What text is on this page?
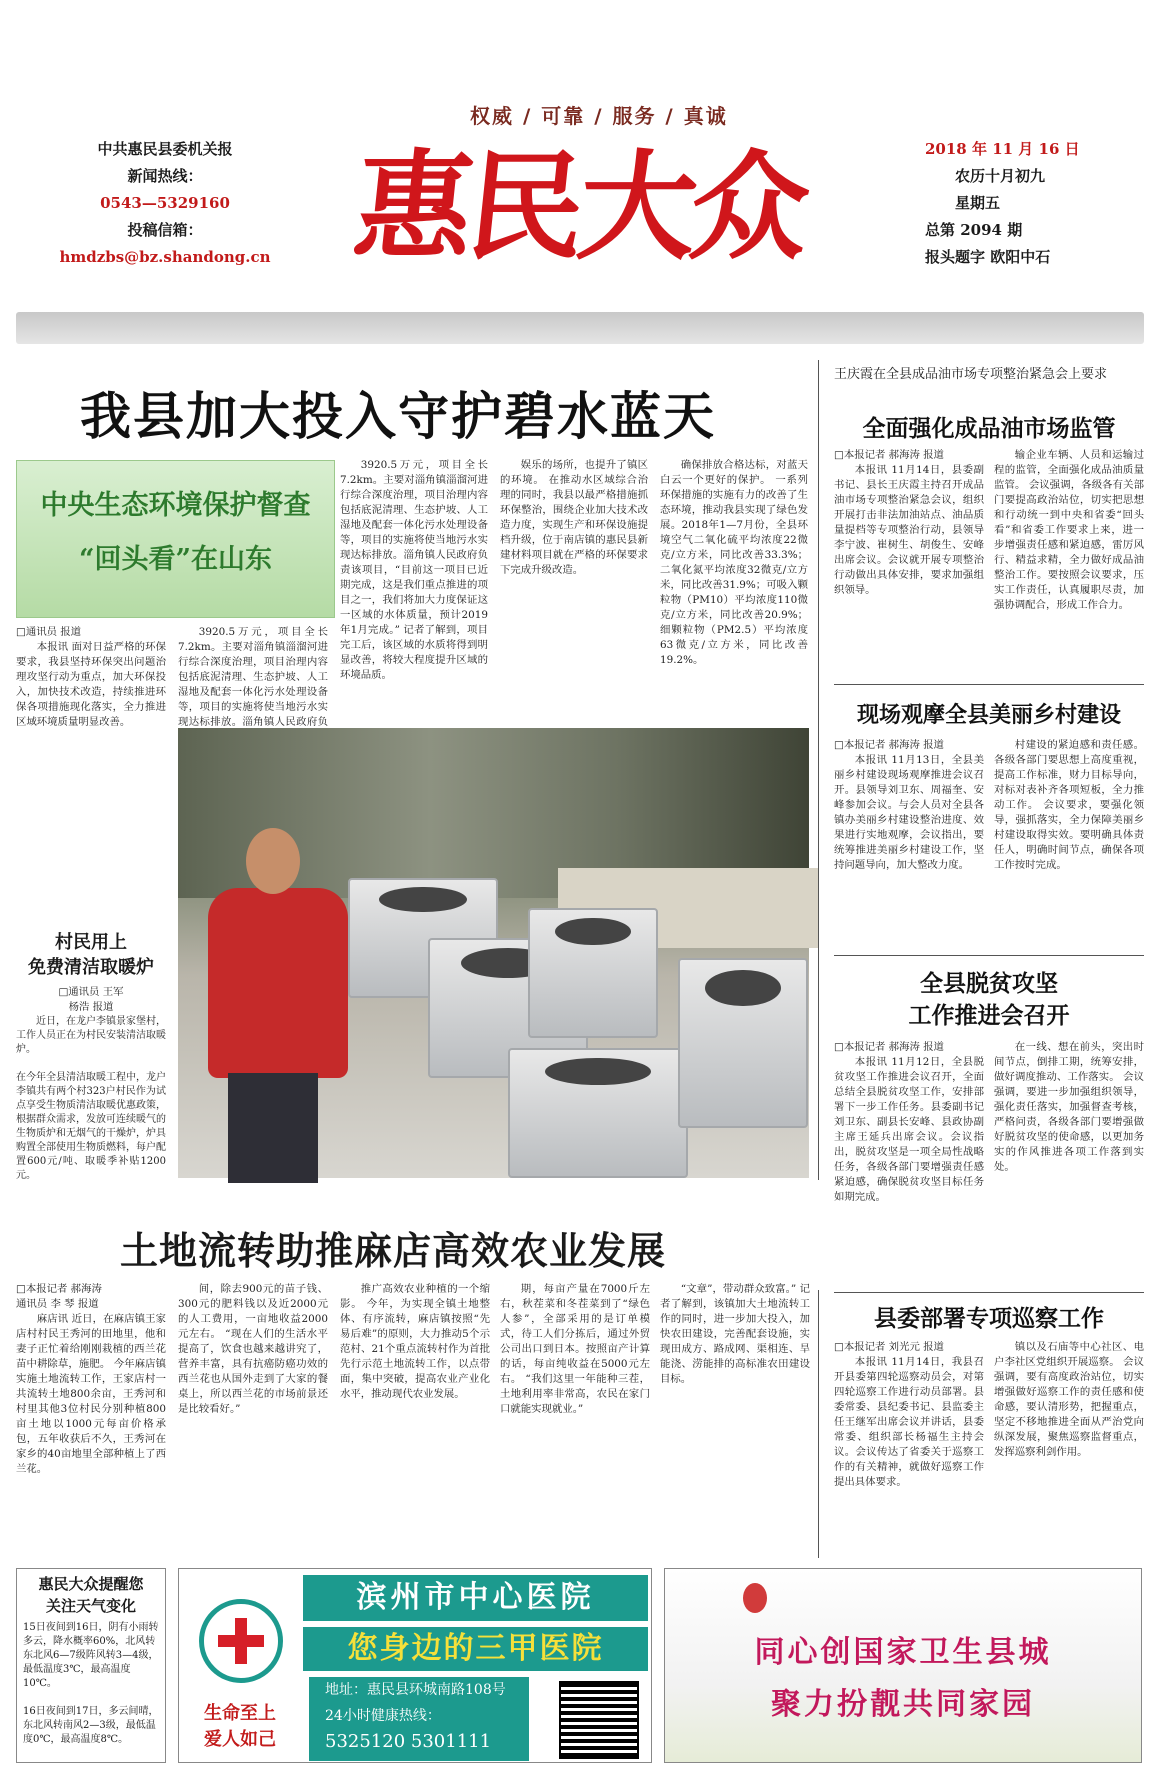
权威 / 可靠 / 服务 / 真诚
中共惠民县委机关报
新闻热线：
0543—5329160
投稿信箱：
hmdzbs@bz.shandong.cn 惠民大众	2018 年 11 月 16 日
农历十月初九
星期五
总第 2094 期
报头题字 欧阳中石
我县加大投入守护碧水蓝天
中央生态环境保护督查
“回头看”在山东
□通讯员 报道

本报讯 面对日益严格的环保要求，我县坚持环保突出问题治理攻坚行动为重点，加大环保投入，加快技术改造，持续推进环保各项措施现化落实，全力推进区域环境质量明显改善。

3920.5万元，项目全长7.2km。主要对淄角镇淄溜河进行综合深度治理，项目治理内容包括底泥清理、生态护坡、人工湿地及配套一体化污水处理设备等，项目的实施将使当地污水实现达标排放。淄角镇人民政府负

3920.5万元，项目全长7.2km。主要对淄角镇淄溜河进行综合深度治理，项目治理内容包括底泥清理、生态护坡、人工湿地及配套一体化污水处理设备等，项目的实施将使当地污水实现达标排放。淄角镇人民政府负责该项目，“目前这一项目已近期完成，这是我们重点推进的项目之一，我们将加大力度保证这一区域的水体质量，预计2019年1月完成。” 记者了解到，项目完工后，该区域的水质将得到明显改善，将较大程度提升区域的环境品质。

娱乐的场所，也提升了镇区的环境。 在推动水区域综合治理的同时，我县以最严格措施抓环保整治，围绕企业加大技术改造力度，实现生产和环保设施提档升级，位于南店镇的惠民县新建材料项目就在严格的环保要求下完成升级改造。

确保排放合格达标，对蓝天白云一个更好的保护。 一系列环保措施的实施有力的改善了生态环境，推动我县实现了绿色发展。2018年1—7月份，全县环境空气二氧化硫平均浓度22微克/立方米，同比改善33.3%；二氧化氮平均浓度32微克/立方米，同比改善31.9%；可吸入颗粒物（PM10）平均浓度110微克/立方米，同比改善20.9%；细颗粒物（PM2.5）平均浓度63微克/立方米，同比改善19.2%。

村民用上
免费清洁取暖炉
□通讯员 王军
杨浩 报道

近日，在龙户李镇景家堡村，工作人员正在为村民安装清洁取暖炉。

在今年全县清洁取暖工程中，龙户李镇共有两个村323户村民作为试点享受生物质清洁取暖优惠政策，根据群众需求，发放可连续暖气的生物质炉和无烟气的干燥炉，炉具购置全部使用生物质燃料，每户配置600元/吨、取暖季补贴1200元。

王庆霞在全县成品油市场专项整治紧急会上要求
全面强化成品油市场监管
□本报记者 郝海涛 报道

本报讯 11月14日，县委副书记、县长王庆霞主持召开成品油市场专项整治紧急会议，组织开展打击非法加油站点、油品质量提档等专项整治行动，县领导李宁波、崔树生、胡俊生、安峰出席会议。会议就开展专项整治行动做出具体安排，要求加强组织领导。

输企业车辆、人员和运输过程的监管，全面强化成品油质量监管。 会议强调，各级各有关部门要提高政治站位，切实把思想和行动统一到中央和省委“回头看”和省委工作要求上来，进一步增强责任感和紧迫感，雷厉风行、精益求精，全力做好成品油整治工作。要按照会议要求，压实工作责任，认真履职尽责，加强协调配合，形成工作合力。

现场观摩全县美丽乡村建设
□本报记者 郝海涛 报道

本报讯 11月13日，全县美丽乡村建设现场观摩推进会议召开。县领导刘卫东、周福奎、安峰参加会议。与会人员对全县各镇办美丽乡村建设整治进度、效果进行实地观摩，会议指出，要统筹推进美丽乡村建设工作，坚持问题导向，加大整改力度。

村建设的紧迫感和责任感。各级各部门要思想上高度重视，提高工作标准，财力目标导向，对标对表补齐各项短板，全力推动工作。 会议要求，要强化领导，强抓落实，全力保障美丽乡村建设取得实效。要明确具体责任人，明确时间节点，确保各项工作按时完成。

全县脱贫攻坚
工作推进会召开
□本报记者 郝海涛 报道

本报讯 11月12日，全县脱贫攻坚工作推进会议召开，全面总结全县脱贫攻坚工作，安排部署下一步工作任务。县委副书记刘卫东、副县长安峰、县政协副主席王延兵出席会议。会议指出，脱贫攻坚是一项全局性战略任务，各级各部门要增强责任感紧迫感，确保脱贫攻坚目标任务如期完成。

在一线、想在前头，突出时间节点，倒排工期，统筹安排，做好调度推动、工作落实。 会议强调，要进一步加强组织领导，强化责任落实，加强督查考核，严格问责，各级各部门要增强做好脱贫攻坚的使命感，以更加务实的作风推进各项工作落到实处。

县委部署专项巡察工作
□本报记者 刘光元 报道

本报讯 11月14日，我县召开县委第四轮巡察动员会，对第四轮巡察工作进行动员部署。县委常委、县纪委书记、县监委主任王继军出席会议并讲话，县委常委、组织部长杨福生主持会议。会议传达了省委关于巡察工作的有关精神，就做好巡察工作提出具体要求。

镇以及石庙等中心社区、电户李社区党组织开展巡察。 会议强调，要有高度政治站位，切实增强做好巡察工作的责任感和使命感，要认清形势，把握重点，坚定不移地推进全面从严治党向纵深发展，聚焦巡察监督重点，发挥巡察利剑作用。

土地流转助推麻店高效农业发展
□本报记者 郝海涛
通讯员 李 琴 报道

麻店讯 近日，在麻店镇王家店村村民王秀河的田地里，他和妻子正忙着给刚刚栽植的西兰花苗中耕除草，施肥。 今年麻店镇实施土地流转工作，王家店村一共流转土地800余亩，王秀河和村里其他3位村民分别种植800亩土地以1000元每亩价格承包，五年收获后不久，王秀河在家乡的40亩地里全部种植上了西兰花。

间，除去900元的苗子钱、300元的肥料钱以及近2000元的人工费用，一亩地收益2000元左右。 “现在人们的生活水平提高了，饮食也越来越讲究了，营养丰富，具有抗癌防癌功效的西兰花也从国外走到了大家的餐桌上，所以西兰花的市场前景还是比较看好。”

推广高效农业种植的一个缩影。 今年，为实现全镇土地整体、有序流转，麻店镇按照“先易后难”的原则，大力推动5个示范村、21个重点流转村作为首批先行示范土地流转工作，以点带面，集中突破，提高农业产业化水平，推动现代农业发展。

期，每亩产量在7000斤左右，秋茬菜和冬茬菜到了“绿色人参”，全部采用的是订单模式，待工人们分拣后，通过外贸公司出口到日本。按照亩产计算的话，每亩纯收益在5000元左右。 “我们这里一年能种三茬，土地利用率非常高，农民在家门口就能实现就业。”

“文章”，带动群众致富。” 记者了解到，该镇加大土地流转工作的同时，进一步加大投入，加快农田建设，完善配套设施，实现田成方、路成网、渠相连、旱能浇、涝能排的高标准农田建设目标。

惠民大众提醒您
关注天气变化
15日夜间到16日，阴有小雨转多云，降水概率60%，北风转东北风6—7级阵风转3—4级，最低温度3℃，最高温度10℃。

16日夜间到17日，多云间晴，东北风转南风2—3级，最低温度0℃，最高温度8℃。
生命至上
爱人如己
滨州市中心医院
您身边的三甲医院
地址：惠民县环城南路108号
24小时健康热线：
5325120 5301111
同心创国家卫生县城
聚力扮靓共同家园
